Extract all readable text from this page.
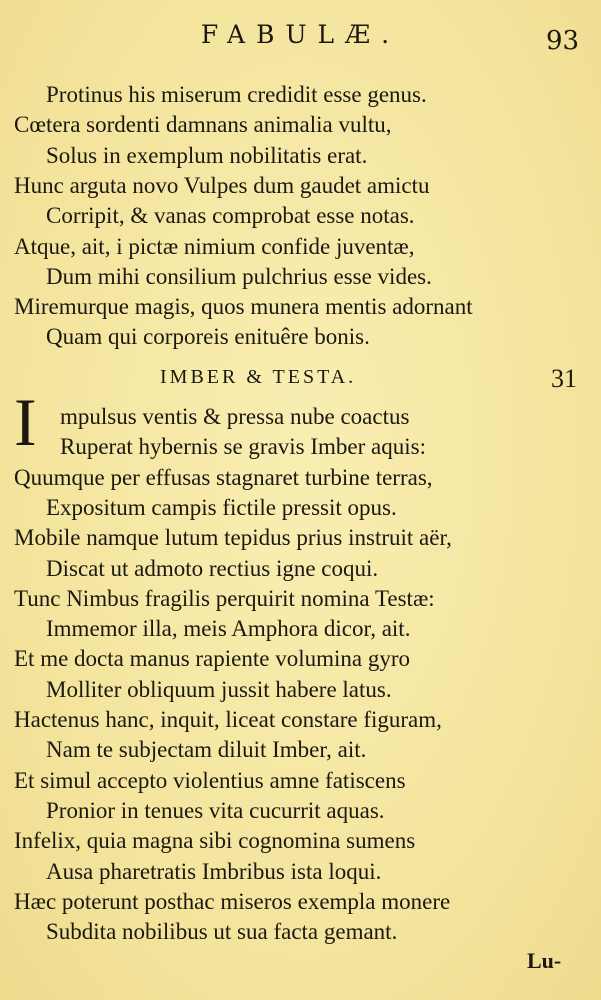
FABULÆ.	93
Protinus his miserum credidit esse genus.
Cœtera sordenti damnans animalia vultu,
Solus in exemplum nobilitatis erat.
Hunc arguta novo Vulpes dum gaudet amictu
Corripit, & vanas comprobat esse notas.
Atque, ait, i pictæ nimium confide juventæ,
Dum mihi consilium pulchrius esse vides.
Miremurque magis, quos munera mentis adornant
Quam qui corporeis enituêre bonis.
IMBER & TESTA.	31
I	mpulsus ventis & pressa nube coactus
Ruperat hybernis se gravis Imber aquis:
Quumque per effusas stagnaret turbine terras,
Expositum campis fictile pressit opus.
Mobile namque lutum tepidus prius instruit aër,
Discat ut admoto rectius igne coqui.
Tunc Nimbus fragilis perquirit nomina Testæ:
Immemor illa, meis Amphora dicor, ait.
Et me docta manus rapiente volumina gyro
Molliter obliquum jussit habere latus.
Hactenus hanc, inquit, liceat constare figuram,
Nam te subjectam diluit Imber, ait.
Et simul accepto violentius amne fatiscens
Pronior in tenues vita cucurrit aquas.
Infelix, quia magna sibi cognomina sumens
Ausa pharetratis Imbribus ista loqui.
Hæc poterunt posthac miseros exempla monere
Subdita nobilibus ut sua facta gemant.
Lu-
